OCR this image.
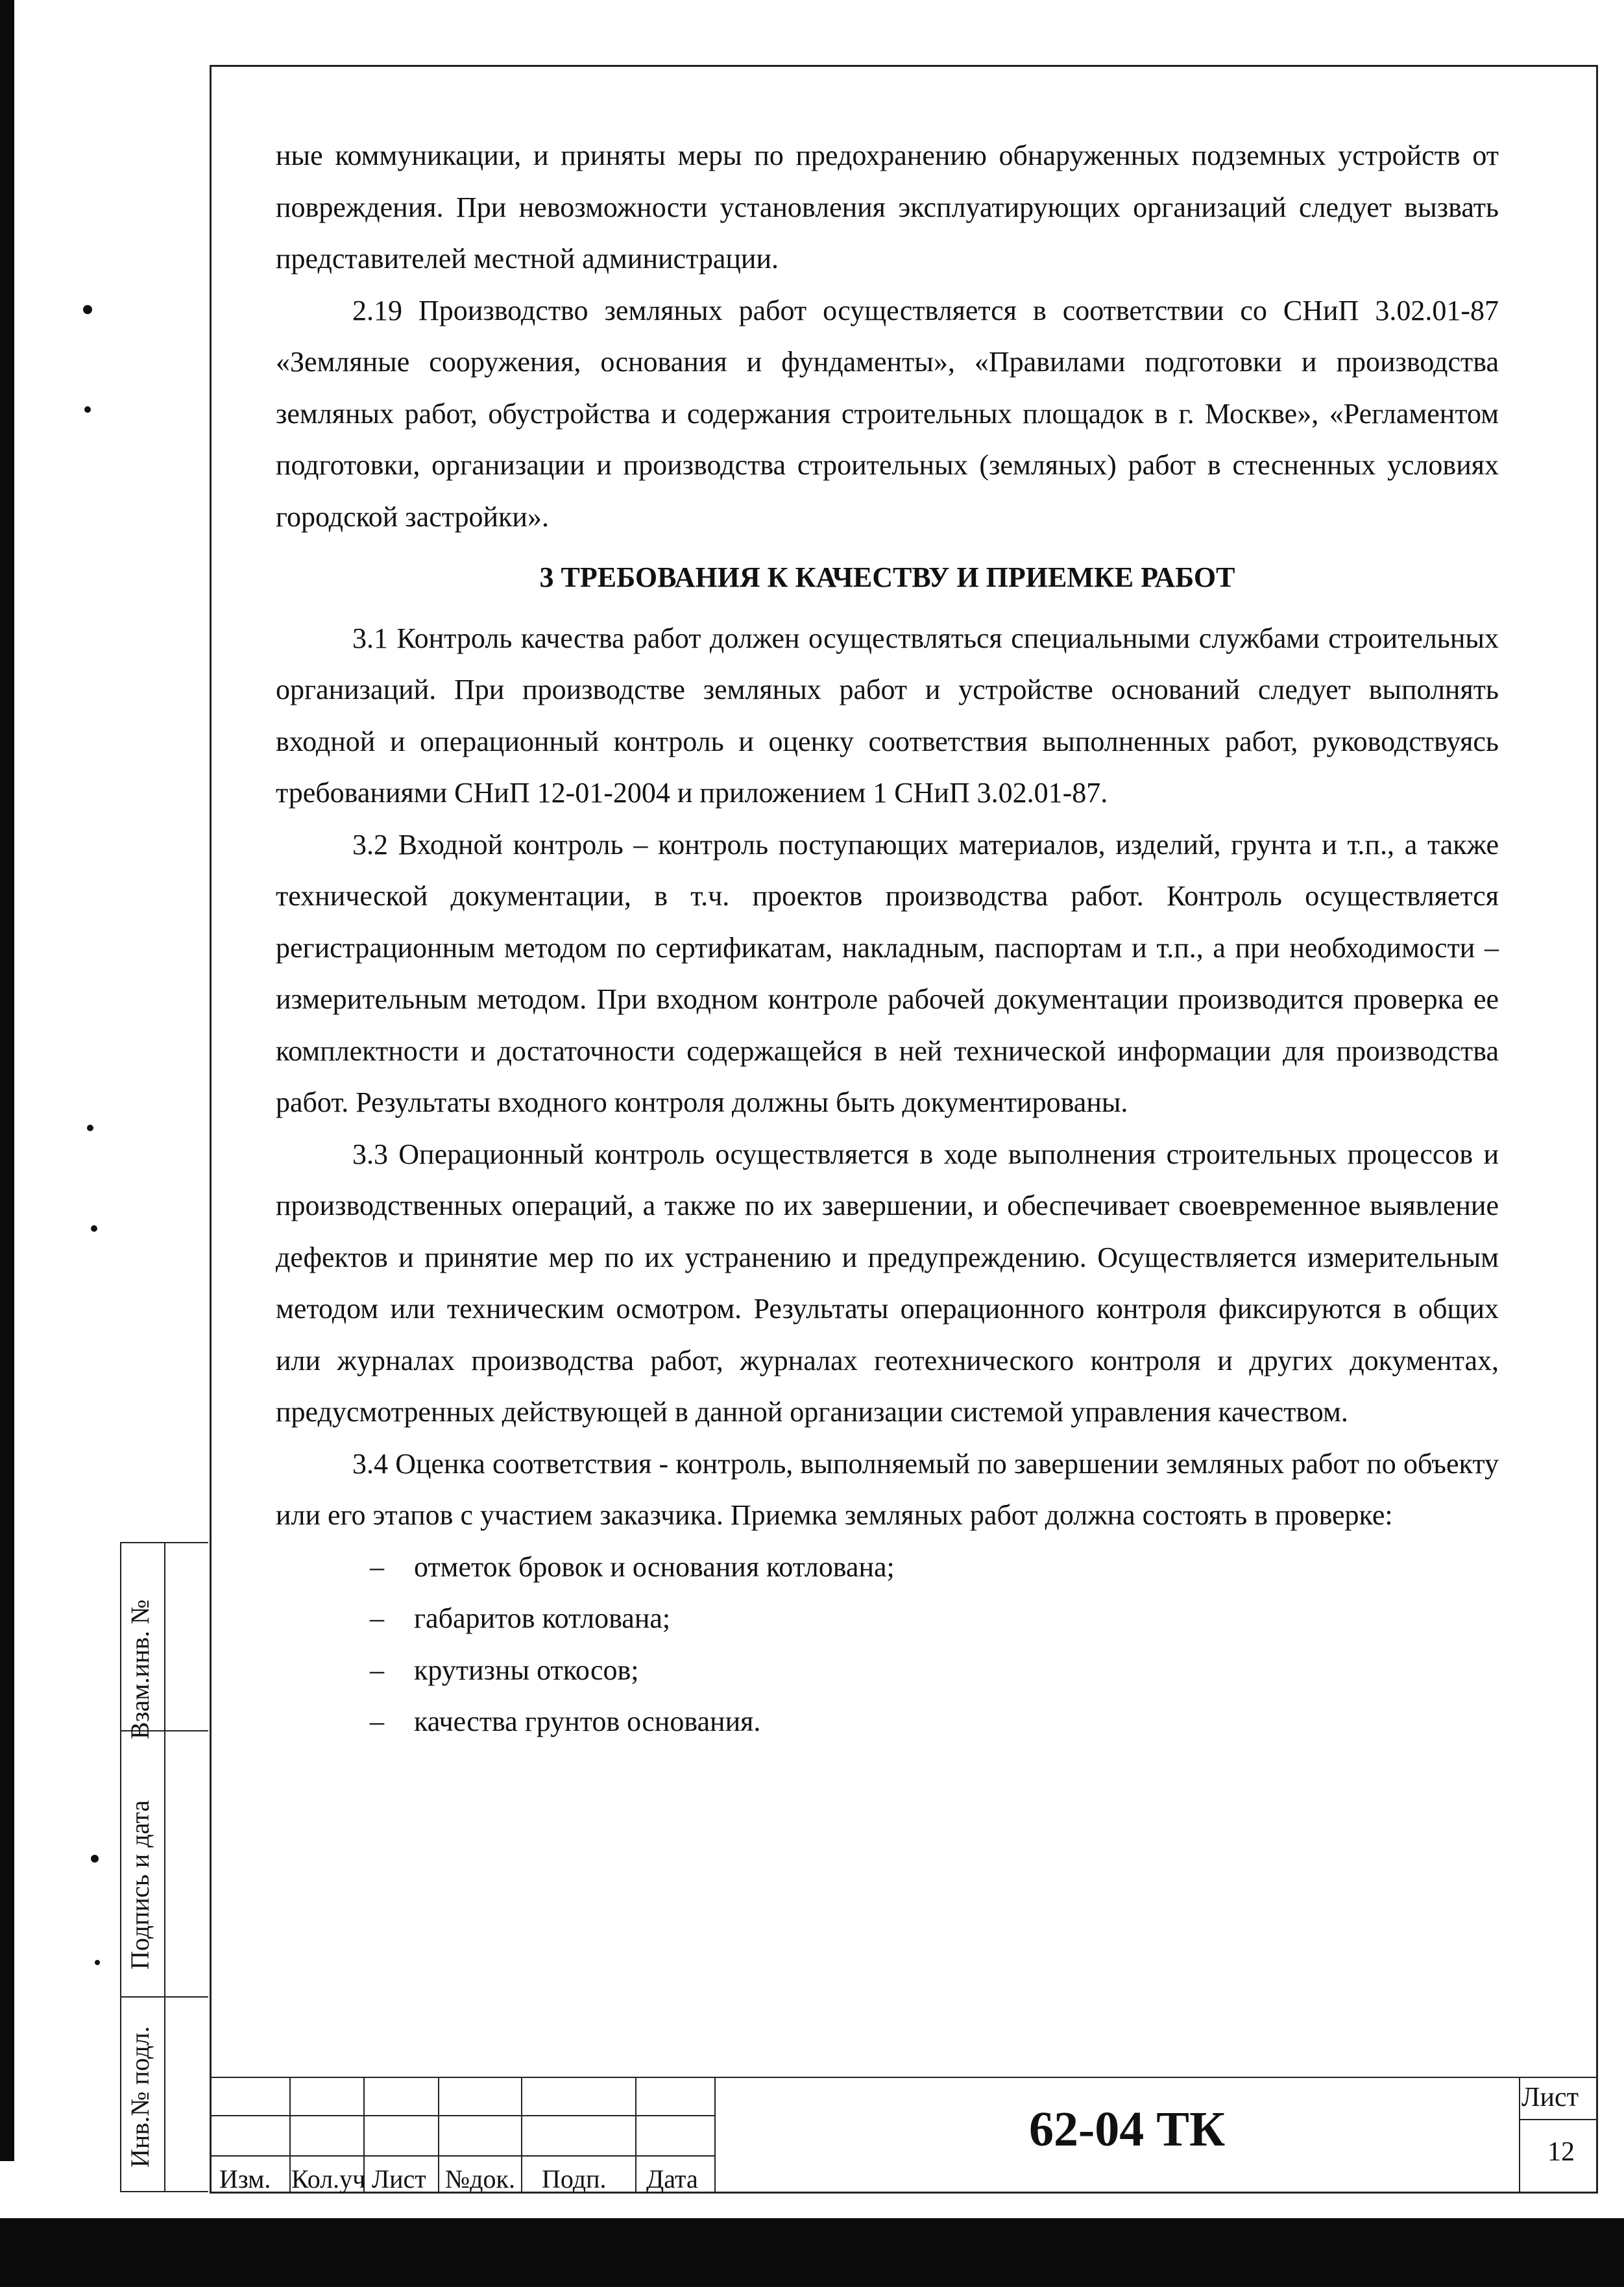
ные коммуникации, и приняты меры по предохранению обнаруженных подземных устройств от повреждения. При невозможности установления эксплуатирующих организаций следует вызвать представителей местной администрации.

2.19 Производство земляных работ осуществляется в соответствии со СНиП 3.02.01-87 «Земляные сооружения, основания и фундаменты», «Правилами подготовки и производства земляных работ, обустройства и содержания строительных площадок в г. Москве», «Регламентом подготовки, организации и производства строительных (земляных) работ в стесненных условиях городской застройки».

3 ТРЕБОВАНИЯ К КАЧЕСТВУ И ПРИЕМКЕ РАБОТ

3.1 Контроль качества работ должен осуществляться специальными службами строительных организаций. При производстве земляных работ и устройстве оснований следует выполнять входной и операционный контроль и оценку соответствия выполненных работ, руководствуясь требованиями СНиП 12-01-2004 и приложением 1 СНиП 3.02.01-87.

3.2 Входной контроль – контроль поступающих материалов, изделий, грунта и т.п., а также технической документации, в т.ч. проектов производства работ. Контроль осуществляется регистрационным методом по сертификатам, накладным, паспортам и т.п., а при необходимости – измерительным методом. При входном контроле рабочей документации производится проверка ее комплектности и достаточности содержащейся в ней технической информации для производства работ. Результаты входного контроля должны быть документированы.

3.3 Операционный контроль осуществляется в ходе выполнения строительных процессов и производственных операций, а также по их завершении, и обеспечивает своевременное выявление дефектов и принятие мер по их устранению и предупреждению. Осуществляется измерительным методом или техническим осмотром. Результаты операционного контроля фиксируются в общих или журналах производства работ, журналах геотехнического контроля и других документах, предусмотренных действующей в данной организации системой управления качеством.

3.4 Оценка соответствия - контроль, выполняемый по завершении земляных работ по объекту или его этапов с участием заказчика. Приемка земляных работ должна состоять в проверке:

– отметок бровок и основания котлована;
– габаритов котлована;
– крутизны откосов;
– качества грунтов основания.
Взам.инв. №
Подпись и дата
Инв.№ подл.
Изм. Кол.уч Лист №док. Подп. Дата
62-04 ТК
Лист
12
